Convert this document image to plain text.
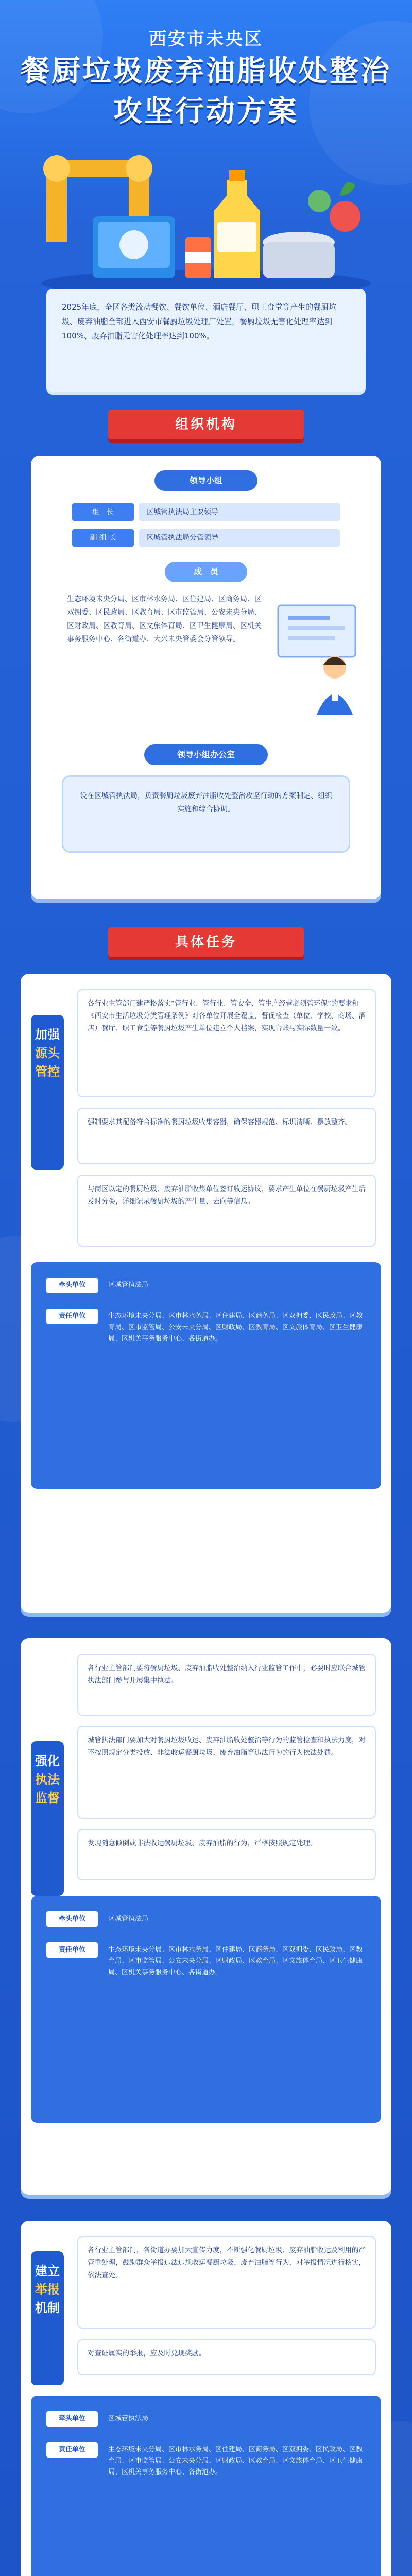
西安市未央区
餐厨垃圾废弃油脂收处整治
攻坚行动方案
2025年底，全区各类流动餐饮、餐饮单位、酒店餐厅、职工食堂等产生的餐厨垃圾、废弃油脂全部进入西安市餐厨垃圾处理厂处置，餐厨垃圾无害化处理率达到100%、废弃油脂无害化处理率达到100%。
组织机构
领导小组
组　长	区城管执法局主要领导
副 组 长	区城管执法局分管领导
成　员
生态环境未央分局、区市林水务局、区住建局、区商务局、区双拥委、区民政局、区教育局、区市监管局、公安未央分局、区财政局、区教育局、区文旅体育局、区卫生健康局、区机关事务服务中心、各街道办、大兴未央管委会分管领导。
领导小组办公室
设在区城管执法局，负责餐厨垃圾废弃油脂收处整治攻坚行动的方案制定、组织实施和综合协调。
具体任务
加强
源头管控
各行业主管部门建严格落实“管行业、管行业、管安全、管生产经营必须管环保”的要求和《西安市生活垃圾分类管理条例》对各单位开展全覆盖，督促检查（单位、学校、商场、酒店）餐厅、职工食堂等餐厨垃圾产生单位建立个人档案，实现台账与实际数量一致。
强制要求其配备符合标准的餐厨垃圾收集容器，确保容器规范、标识清晰、摆放整齐。
与商区以定的餐厨垃圾、废弃油脂收集单位签订收运协议，要求产生单位在餐厨垃圾产生后及时分类，详细记录餐厨垃圾的产生量、去向等信息。
牵头单位	区城管执法局
责任单位	生态环境未央分局、区市林水务局、区住建局、区商务局、区双拥委、区民政局、区教育局、区市监管局、公安未央分局、区财政局、区教育局、区文旅体育局、区卫生健康局、区机关事务服务中心、各街道办。
强化
执法监督
各行业主管部门要将餐厨垃圾、废弃油脂收处整治纳入行业监管工作中，必要时应联合城管执法部门参与开展集中执法。
城管执法部门要加大对餐厨垃圾收运、废弃油脂收处整治等行为的监管检查和执法力度，对不按照规定分类投放、非法收运餐厨垃圾、废弃油脂等违法行为的行为依法处罚。
发现随意倾倒或非法收运餐厨垃圾、废弃油脂的行为，严格按照规定处理。
牵头单位	区城管执法局
责任单位	生态环境未央分局、区市林水务局、区住建局、区商务局、区双拥委、区民政局、区教育局、区市监管局、公安未央分局、区财政局、区教育局、区文旅体育局、区卫生健康局、区机关事务服务中心、各街道办。
建立
举报
机制
各行业主管部门，各街道办要加大宣传力度，不断强化餐厨垃圾、废弃油脂收运及利用的严管重处理，鼓励群众举报违法违规收运餐厨垃圾、废弃油脂等行为，对举报情况进行核实，依法查处。
对查证属实的举报，应及时兑现奖励。
牵头单位	区城管执法局
责任单位	生态环境未央分局、区市林水务局、区住建局、区商务局、区双拥委、区民政局、区教育局、区市监管局、公安未央分局、区财政局、区教育局、区文旅体育局、区卫生健康局、区机关事务服务中心、各街道办。
